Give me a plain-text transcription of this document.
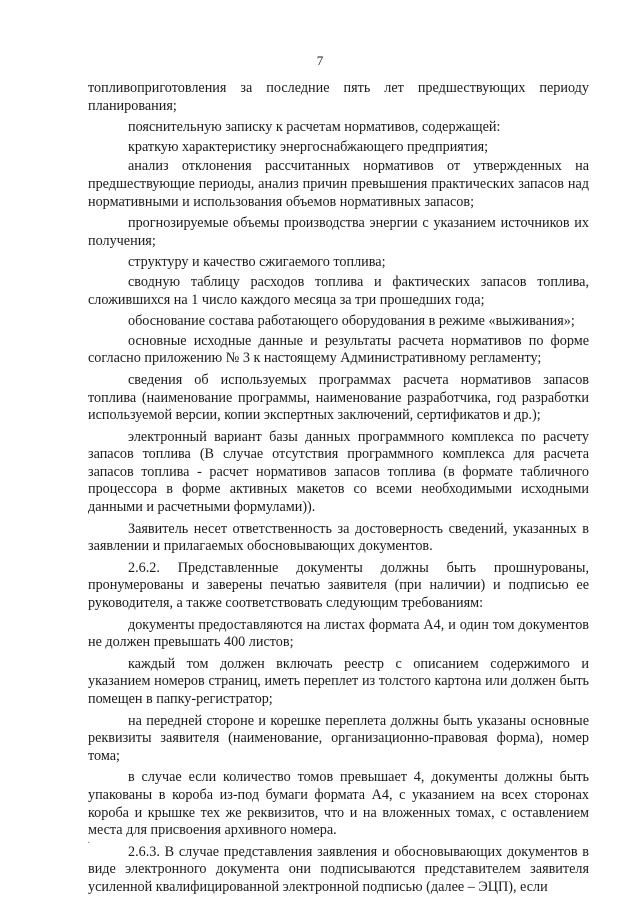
7

топливоприготовления за последние пять лет предшествующих периоду планирования;

пояснительную записку к расчетам нормативов, содержащей:

краткую характеристику энергоснабжающего предприятия;

анализ отклонения рассчитанных нормативов от утвержденных на предшествующие периоды, анализ причин превышения практических запасов над нормативными и использования объемов нормативных запасов;

прогнозируемые объемы производства энергии с указанием источников их получения;

структуру и качество сжигаемого топлива;

сводную таблицу расходов топлива и фактических запасов топлива, сложившихся на 1 число каждого месяца за три прошедших года;

обоснование состава работающего оборудования в режиме «выживания»;

основные исходные данные и результаты расчета нормативов по форме согласно приложению № 3 к настоящему Административному регламенту;

сведения об используемых программах расчета нормативов запасов топлива (наименование программы, наименование разработчика, год разработки используемой версии, копии экспертных заключений, сертификатов и др.);

электронный вариант базы данных программного комплекса по расчету запасов топлива (В случае отсутствия программного комплекса для расчета запасов топлива - расчет нормативов запасов топлива (в формате табличного процессора в форме активных макетов со всеми необходимыми исходными данными и расчетными формулами)).

Заявитель несет ответственность за достоверность сведений, указанных в заявлении и прилагаемых обосновывающих документов.

2.6.2. Представленные документы должны быть прошнурованы, пронумерованы и заверены печатью заявителя (при наличии) и подписью ее руководителя, а также соответствовать следующим требованиям:

документы предоставляются на листах формата А4, и один том документов не должен превышать 400 листов;

каждый том должен включать реестр с описанием содержимого и указанием номеров страниц, иметь переплет из толстого картона или должен быть помещен в папку-регистратор;

на передней стороне и корешке переплета должны быть указаны основные реквизиты заявителя (наименование, организационно-правовая форма), номер тома;

в случае если количество томов превышает 4, документы должны быть упакованы в короба из-под бумаги формата А4, с указанием на всех сторонах короба и крышке тех же реквизитов, что и на вложенных томах, с оставлением места для присвоения архивного номера.

2.6.3. В случае представления заявления и обосновывающих документов в виде электронного документа они подписываются представителем заявителя усиленной квалифицированной электронной подписью (далее – ЭЦП), если

·
